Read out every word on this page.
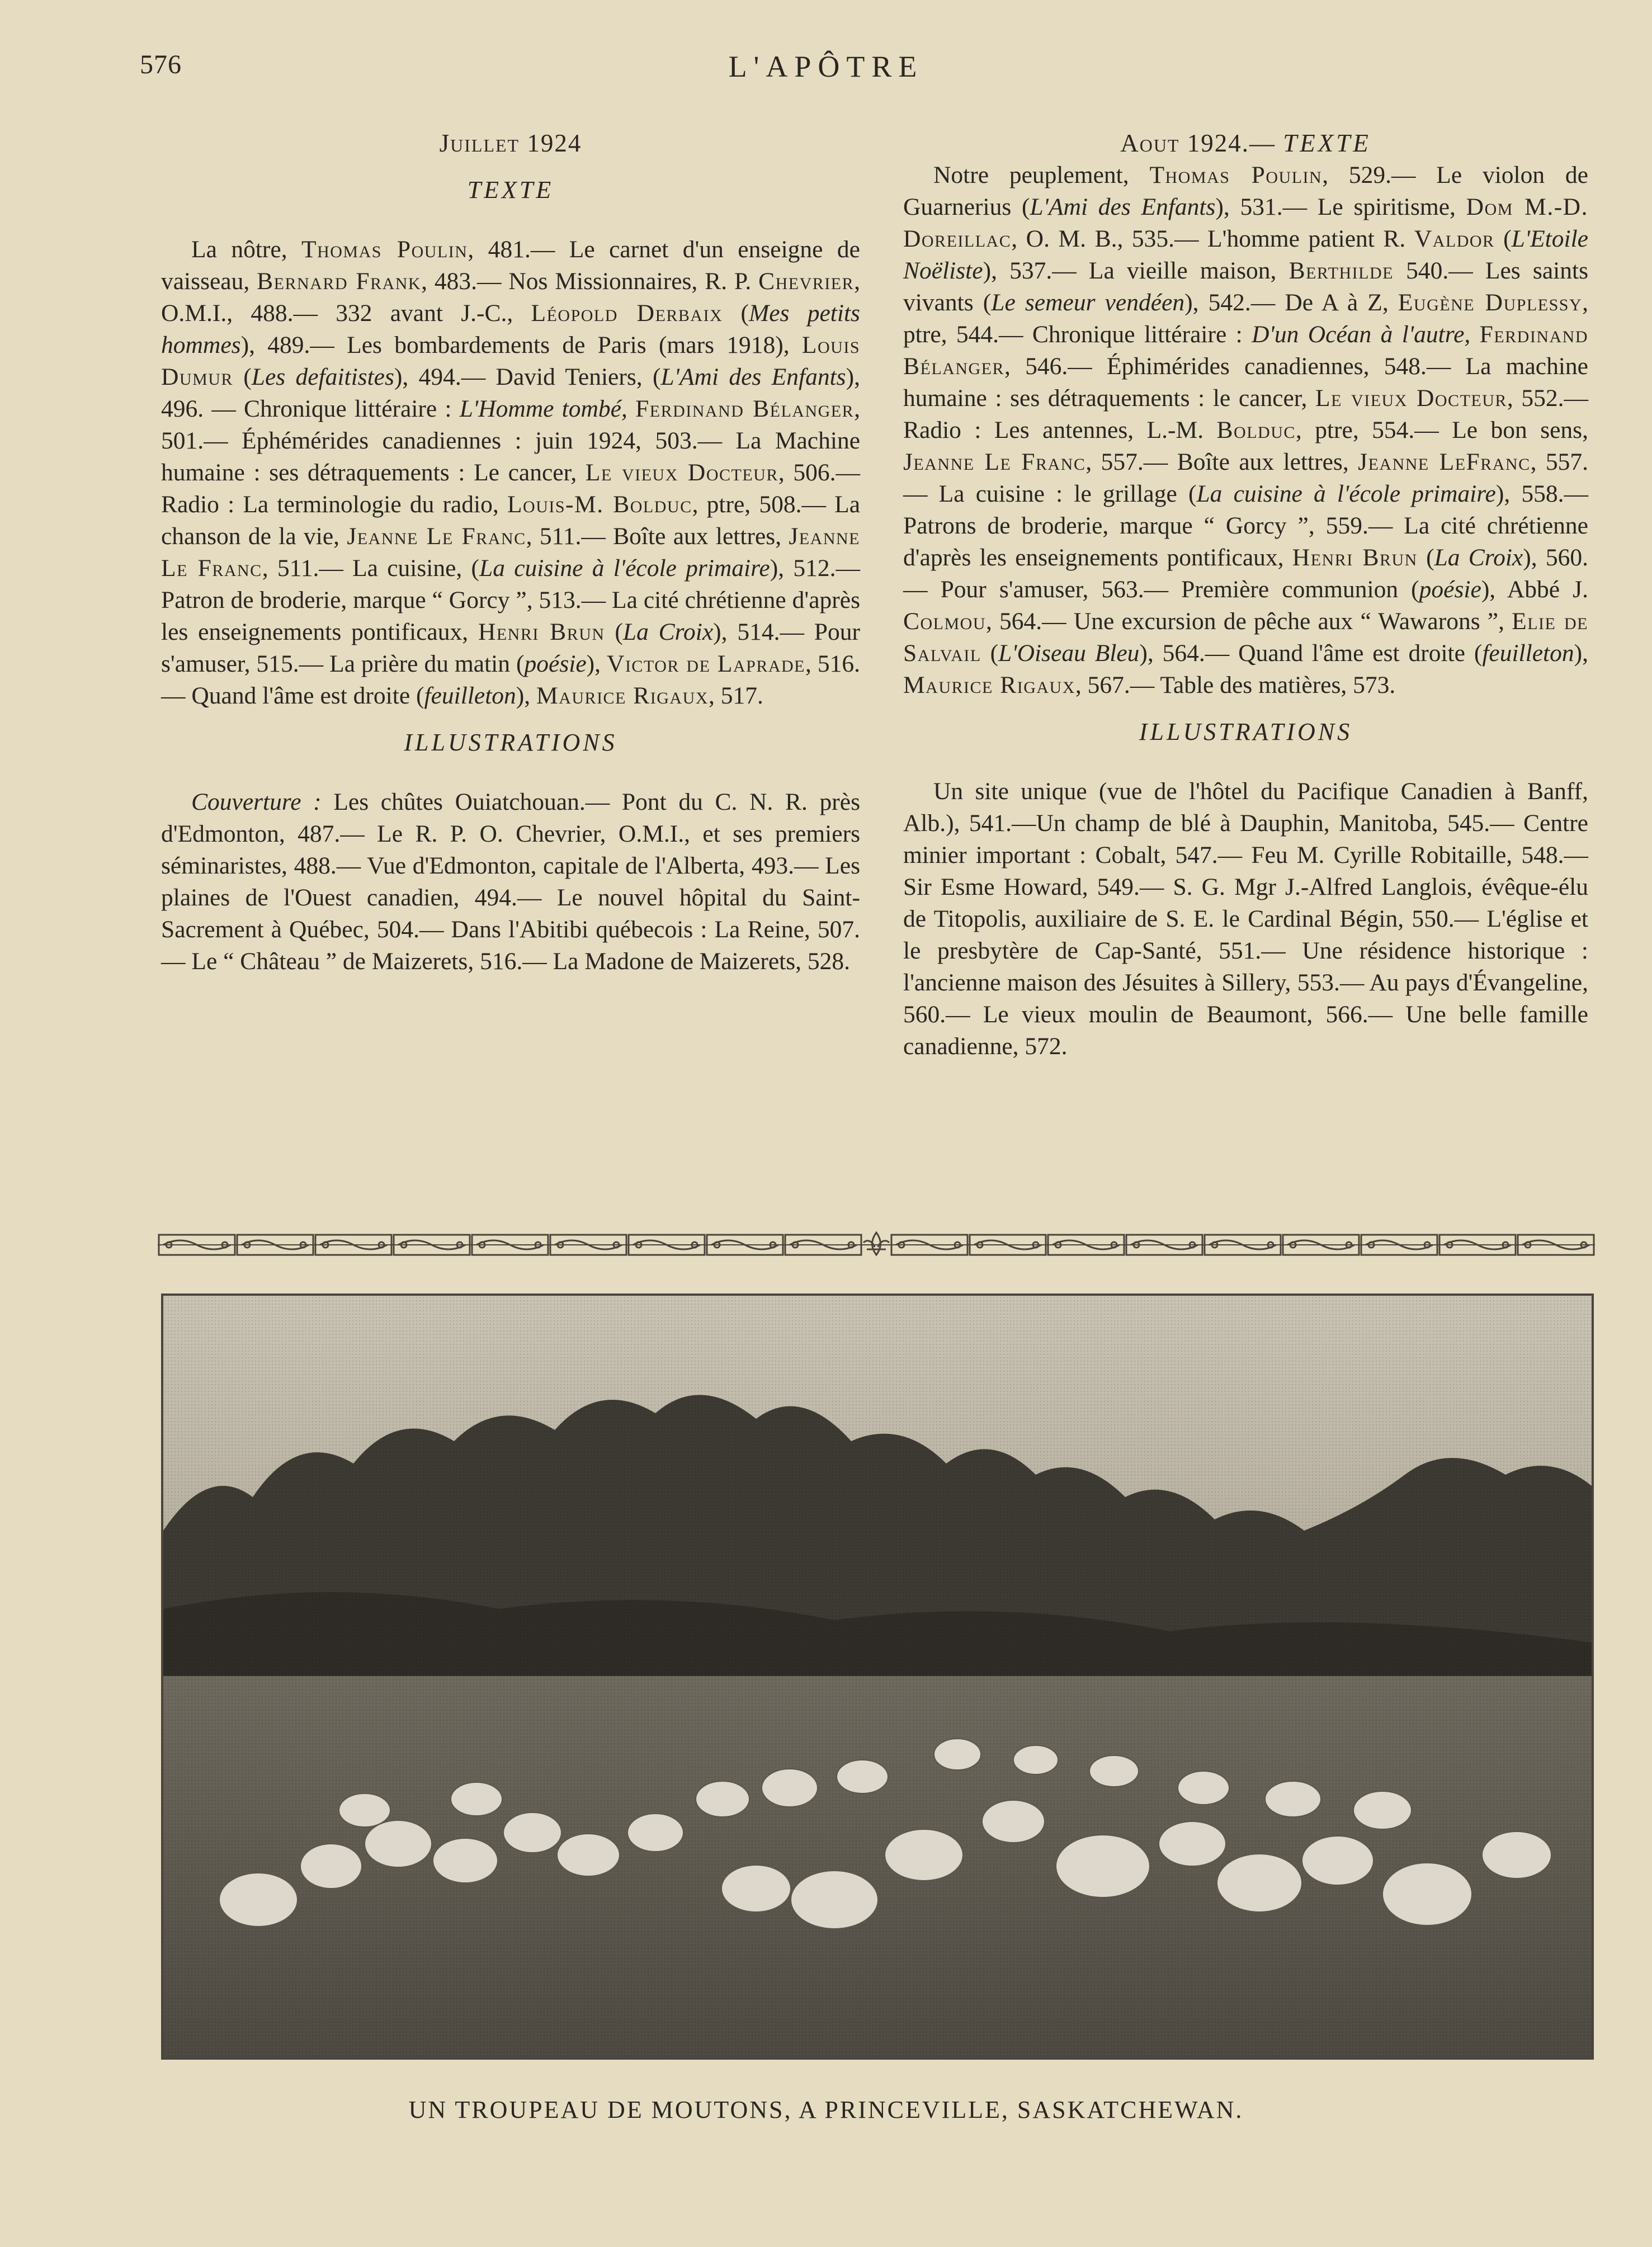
576	L'APÔTRE
Juillet 1924
TEXTE

La nôtre, Thomas Poulin, 481.— Le carnet d'un enseigne de vaisseau, Bernard Frank, 483.— Nos Missionnaires, R. P. Chevrier, O.M.I., 488.— 332 avant J.-C., Léopold Derbaix (Mes petits hommes), 489.— Les bombardements de Paris (mars 1918), Louis Dumur (Les defaitistes), 494.— David Teniers, (L'Ami des Enfants), 496. — Chronique littéraire : L'Homme tombé, Ferdinand Bélanger, 501.— Éphémérides canadiennes : juin 1924, 503.— La Machine humaine : ses détraquements : Le cancer, Le vieux Docteur, 506.— Radio : La terminologie du radio, Louis-M. Bolduc, ptre, 508.— La chanson de la vie, Jeanne Le Franc, 511.— Boîte aux lettres, Jeanne Le Franc, 511.— La cuisine, (La cuisine à l'école primaire), 512.— Patron de broderie, marque “ Gorcy ”, 513.— La cité chrétienne d'après les enseignements pontificaux, Henri Brun (La Croix), 514.— Pour s'amuser, 515.— La prière du matin (poésie), Victor de Laprade, 516.— Quand l'âme est droite (feuilleton), Maurice Rigaux, 517.

ILLUSTRATIONS

Couverture : Les chûtes Ouiatchouan.— Pont du C. N. R. près d'Edmonton, 487.— Le R. P. O. Chevrier, O.M.I., et ses premiers séminaristes, 488.— Vue d'Edmonton, capitale de l'Alberta, 493.— Les plaines de l'Ouest canadien, 494.— Le nouvel hôpital du Saint-Sacrement à Québec, 504.— Dans l'Abitibi québecois : La Reine, 507.— Le “ Château ” de Maizerets, 516.— La Madone de Maizerets, 528.

Aout 1924.— TEXTE

Notre peuplement, Thomas Poulin, 529.— Le violon de Guarnerius (L'Ami des Enfants), 531.— Le spiritisme, Dom M.-D. Doreillac, O. M. B., 535.— L'homme patient R. Valdor (L'Etoile Noëliste), 537.— La vieille maison, Berthilde 540.— Les saints vivants (Le semeur vendéen), 542.— De A à Z, Eugène Duplessy, ptre, 544.— Chronique littéraire : D'un Océan à l'autre, Ferdinand Bélanger, 546.— Éphimérides canadiennes, 548.— La machine humaine : ses détraquements : le cancer, Le vieux Docteur, 552.— Radio : Les antennes, L.-M. Bolduc, ptre, 554.— Le bon sens, Jeanne Le Franc, 557.— Boîte aux lettres, Jeanne LeFranc, 557. — La cuisine : le grillage (La cuisine à l'école primaire), 558.— Patrons de broderie, marque “ Gorcy ”, 559.— La cité chrétienne d'après les enseignements pontificaux, Henri Brun (La Croix), 560.— Pour s'amuser, 563.— Première communion (poésie), Abbé J. Colmou, 564.— Une excursion de pêche aux “ Wawarons ”, Elie de Salvail (L'Oiseau Bleu), 564.— Quand l'âme est droite (feuilleton), Maurice Rigaux, 567.— Table des matières, 573.

ILLUSTRATIONS

Un site unique (vue de l'hôtel du Pacifique Canadien à Banff, Alb.), 541.—Un champ de blé à Dauphin, Manitoba, 545.— Centre minier important : Cobalt, 547.— Feu M. Cyrille Robitaille, 548.— Sir Esme Howard, 549.— S. G. Mgr J.-Alfred Langlois, évêque-élu de Titopolis, auxiliaire de S. E. le Cardinal Bégin, 550.— L'église et le presbytère de Cap-Santé, 551.— Une résidence historique : l'ancienne maison des Jésuites à Sillery, 553.— Au pays d'Évangeline, 560.— Le vieux moulin de Beaumont, 566.— Une belle famille canadienne, 572.

UN TROUPEAU DE MOUTONS, A PRINCEVILLE, SASKATCHEWAN.
